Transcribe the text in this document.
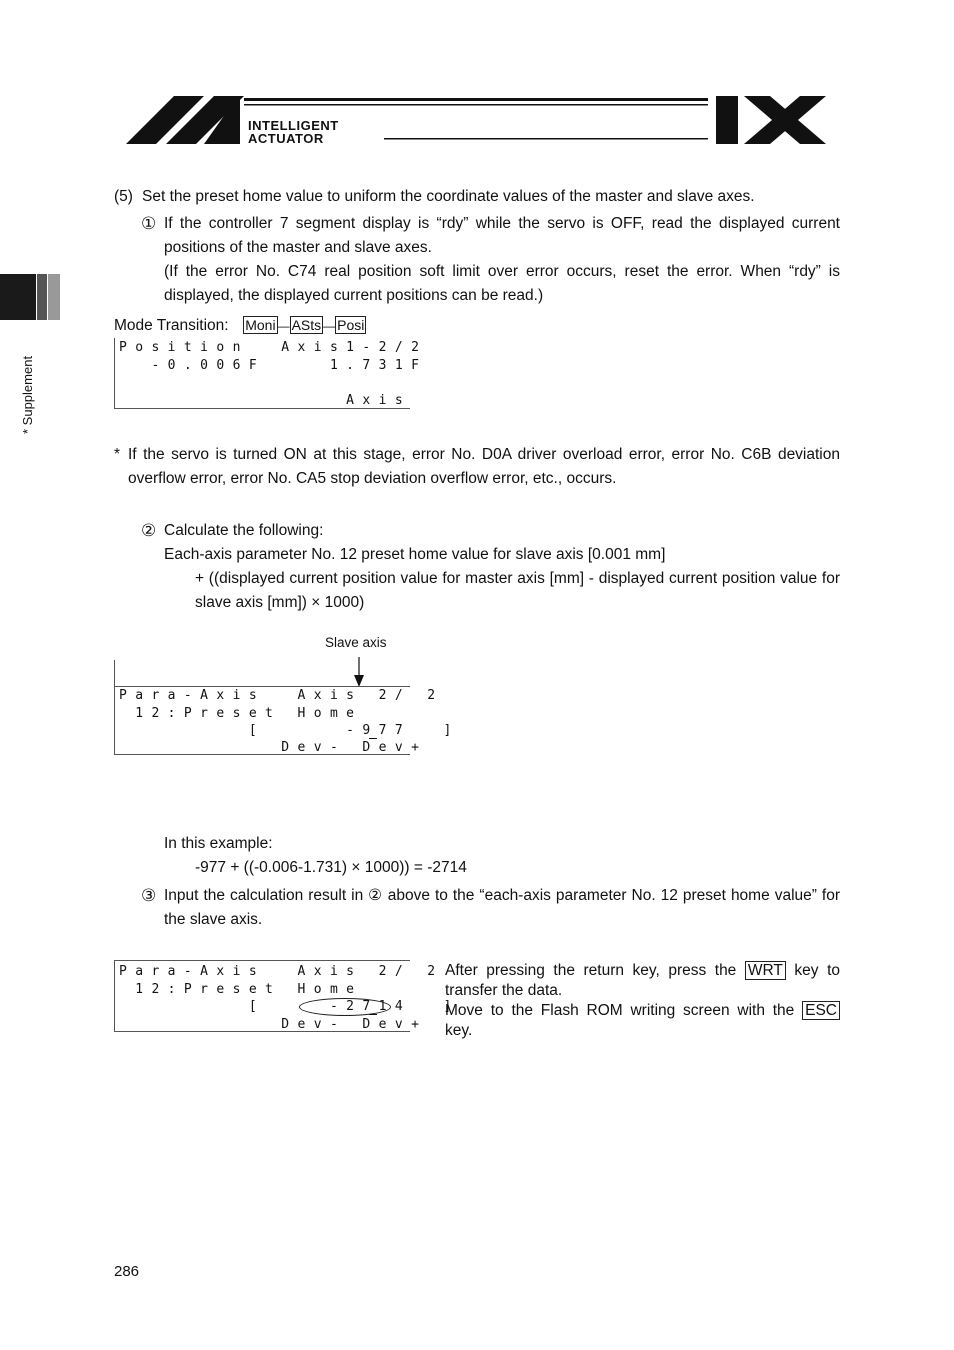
INTELLIGENT
ACTUATOR
* Supplement
(5) Set the preset home value to uniform the coordinate values of the master and slave axes.
① If the controller 7 segment display is “rdy” while the servo is OFF, read the displayed current positions of the master and slave axes.
(If the error No. C74 real position soft limit over error occurs, reset the error. When “rdy” is displayed, the displayed current positions can be read.)
Mode Transition: Moni — ASts — Posi
Position  Axis1-2/2
-0.006F    1.731F
Axis
* If the servo is turned ON at this stage, error No. D0A driver overload error, error No. C6B deviation overflow error, error No. CA5 stop deviation overflow error, etc., occurs.
② Calculate the following:
Each-axis parameter No. 12 preset home value for slave axis [0.001 mm]
+ ((displayed current position value for master axis [mm] - displayed current position value for slave axis [mm]) × 1000)
Slave axis
Para-Axis  Axis 2/ 2
12:Preset Home
[     -977  ]
Dev- Dev+
In this example:
-977 + ((-0.006-1.731) × 1000)) = -2714
③ Input the calculation result in ② above to the “each-axis parameter No. 12 preset home value” for the slave axis.
Para-Axis  Axis 2/ 2
12:Preset Home
[    -2714  ]
Dev- Dev+
After pressing the return key, press the WRT key to transfer the data.
Move to the Flash ROM writing screen with the ESC key.
286
